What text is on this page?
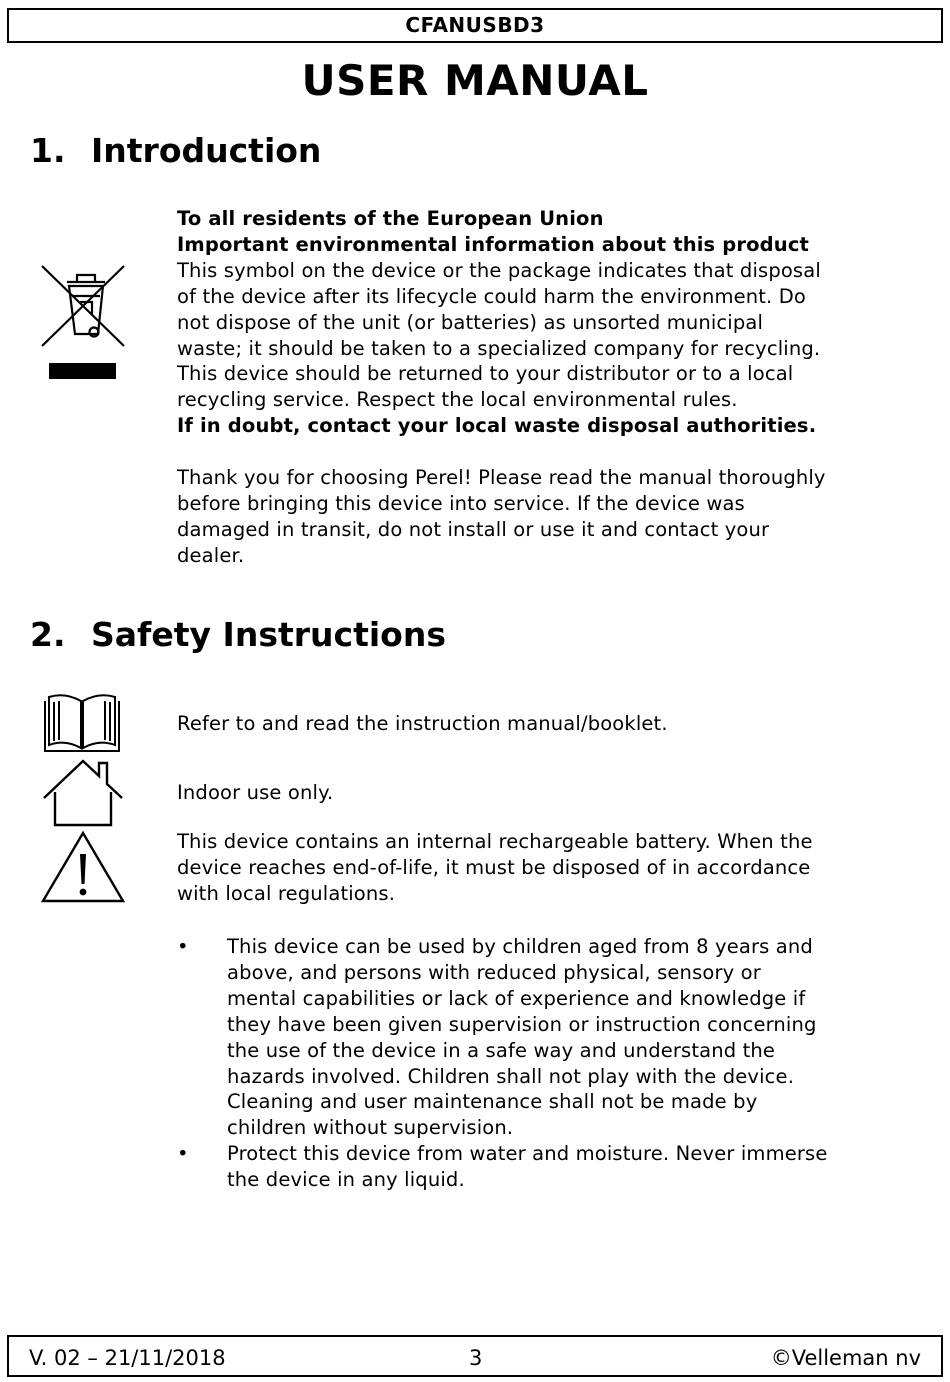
CFANUSBD3
USER MANUAL
1. Introduction
To all residents of the European Union
Important environmental information about this product
This symbol on the device or the package indicates that disposal
of the device after its lifecycle could harm the environment. Do
not dispose of the unit (or batteries) as unsorted municipal
waste; it should be taken to a specialized company for recycling.
This device should be returned to your distributor or to a local
recycling service. Respect the local environmental rules.
If in doubt, contact your local waste disposal authorities.
Thank you for choosing Perel! Please read the manual thoroughly
before bringing this device into service. If the device was
damaged in transit, do not install or use it and contact your
dealer.
2. Safety Instructions
Refer to and read the instruction manual/booklet.
Indoor use only.
This device contains an internal rechargeable battery. When the
device reaches end-of-life, it must be disposed of in accordance
with local regulations.
•	This device can be used by children aged from 8 years and
above, and persons with reduced physical, sensory or
mental capabilities or lack of experience and knowledge if
they have been given supervision or instruction concerning
the use of the device in a safe way and understand the
hazards involved. Children shall not play with the device.
Cleaning and user maintenance shall not be made by
children without supervision.
•	Protect this device from water and moisture. Never immerse
the device in any liquid.
V. 02 – 21/11/2018	3	©Velleman nv
